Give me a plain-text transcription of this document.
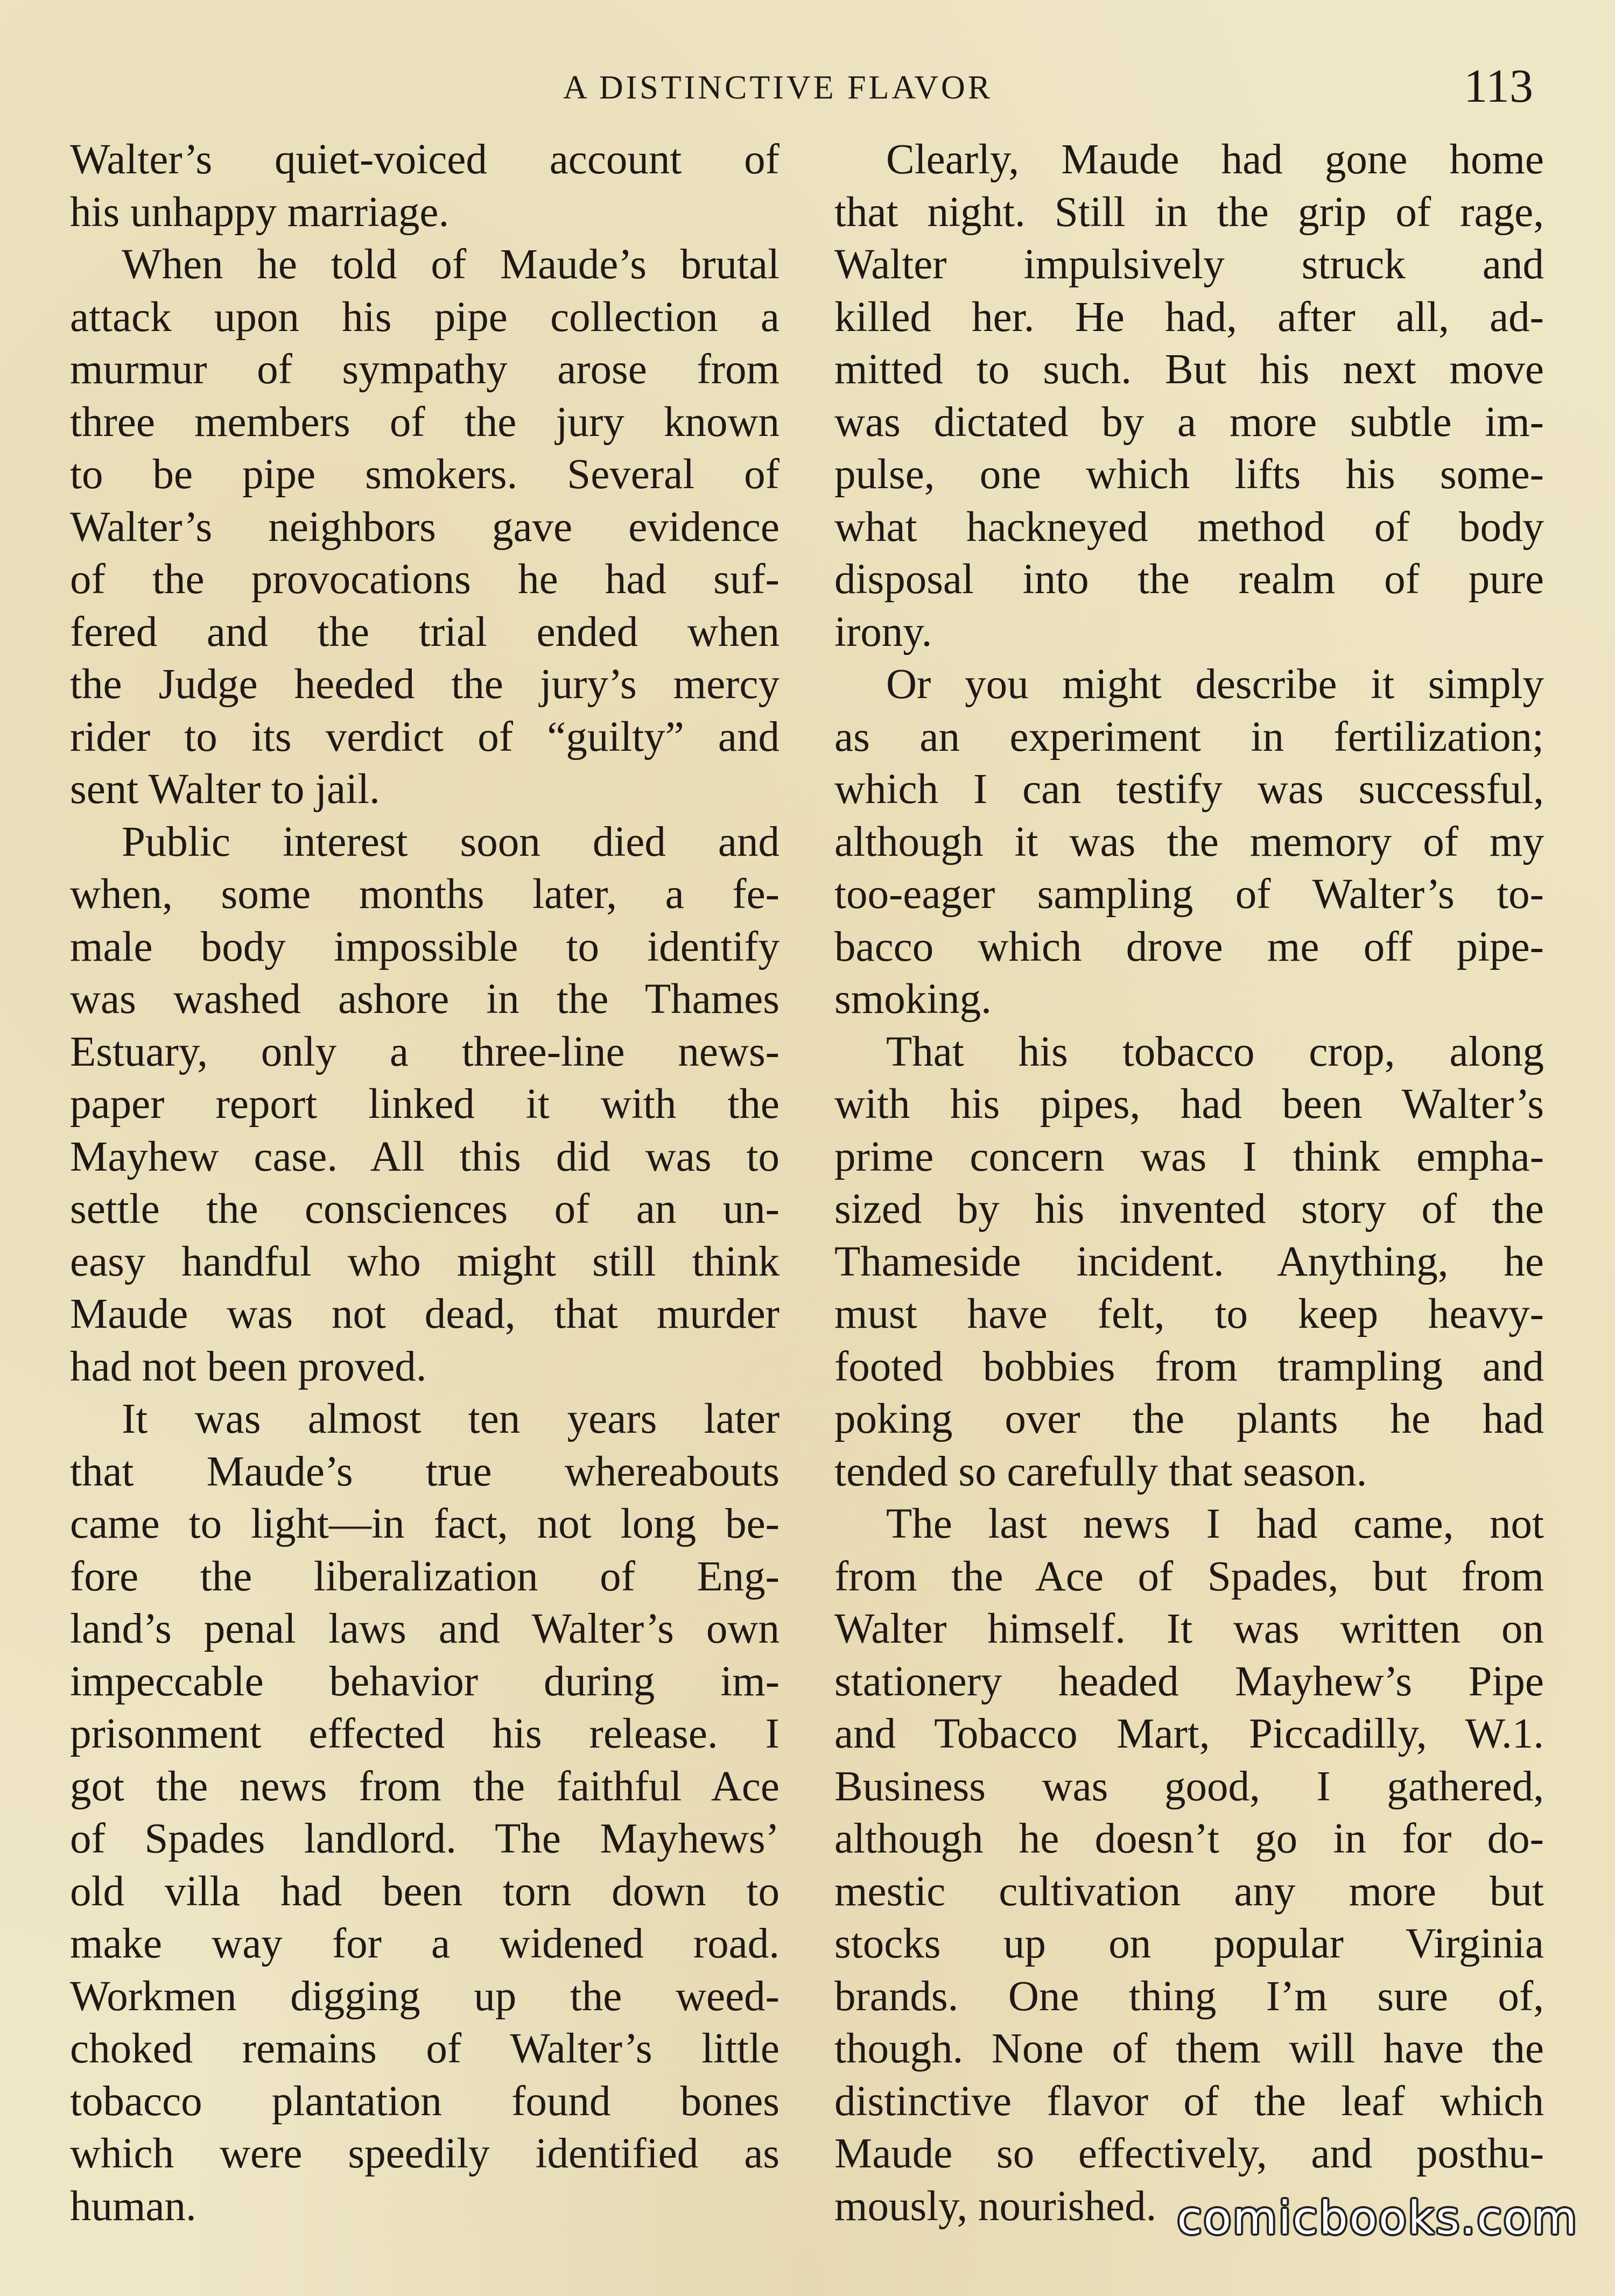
A DISTINCTIVE FLAVOR	113

Walter’s quiet-voiced account of

his unhappy marriage.

When he told of Maude’s brutal

attack upon his pipe collection a

murmur of sympathy arose from

three members of the jury known

to be pipe smokers. Several of

Walter’s neighbors gave evidence

of the provocations he had suf-

fered and the trial ended when

the Judge heeded the jury’s mercy

rider to its verdict of “guilty” and

sent Walter to jail.

Public interest soon died and

when, some months later, a fe-

male body impossible to identify

was washed ashore in the Thames

Estuary, only a three-line news-

paper report linked it with the

Mayhew case. All this did was to

settle the consciences of an un-

easy handful who might still think

Maude was not dead, that murder

had not been proved.

It was almost ten years later

that Maude’s true whereabouts

came to light—in fact, not long be-

fore the liberalization of Eng-

land’s penal laws and Walter’s own

impeccable behavior during im-

prisonment effected his release. I

got the news from the faithful Ace

of Spades landlord. The Mayhews’

old villa had been torn down to

make way for a widened road.

Workmen digging up the weed-

choked remains of Walter’s little

tobacco plantation found bones

which were speedily identified as

human.

Clearly, Maude had gone home

that night. Still in the grip of rage,

Walter impulsively struck and

killed her. He had, after all, ad-

mitted to such. But his next move

was dictated by a more subtle im-

pulse, one which lifts his some-

what hackneyed method of body

disposal into the realm of pure

irony.

Or you might describe it simply

as an experiment in fertilization;

which I can testify was successful,

although it was the memory of my

too-eager sampling of Walter’s to-

bacco which drove me off pipe-

smoking.

That his tobacco crop, along

with his pipes, had been Walter’s

prime concern was I think empha-

sized by his invented story of the

Thameside incident. Anything, he

must have felt, to keep heavy-

footed bobbies from trampling and

poking over the plants he had

tended so carefully that season.

The last news I had came, not

from the Ace of Spades, but from

Walter himself. It was written on

stationery headed Mayhew’s Pipe

and Tobacco Mart, Piccadilly, W.1.

Business was good, I gathered,

although he doesn’t go in for do-

mestic cultivation any more but

stocks up on popular Virginia

brands. One thing I’m sure of,

though. None of them will have the

distinctive flavor of the leaf which

Maude so effectively, and posthu-

mously, nourished. comicbooks.com
